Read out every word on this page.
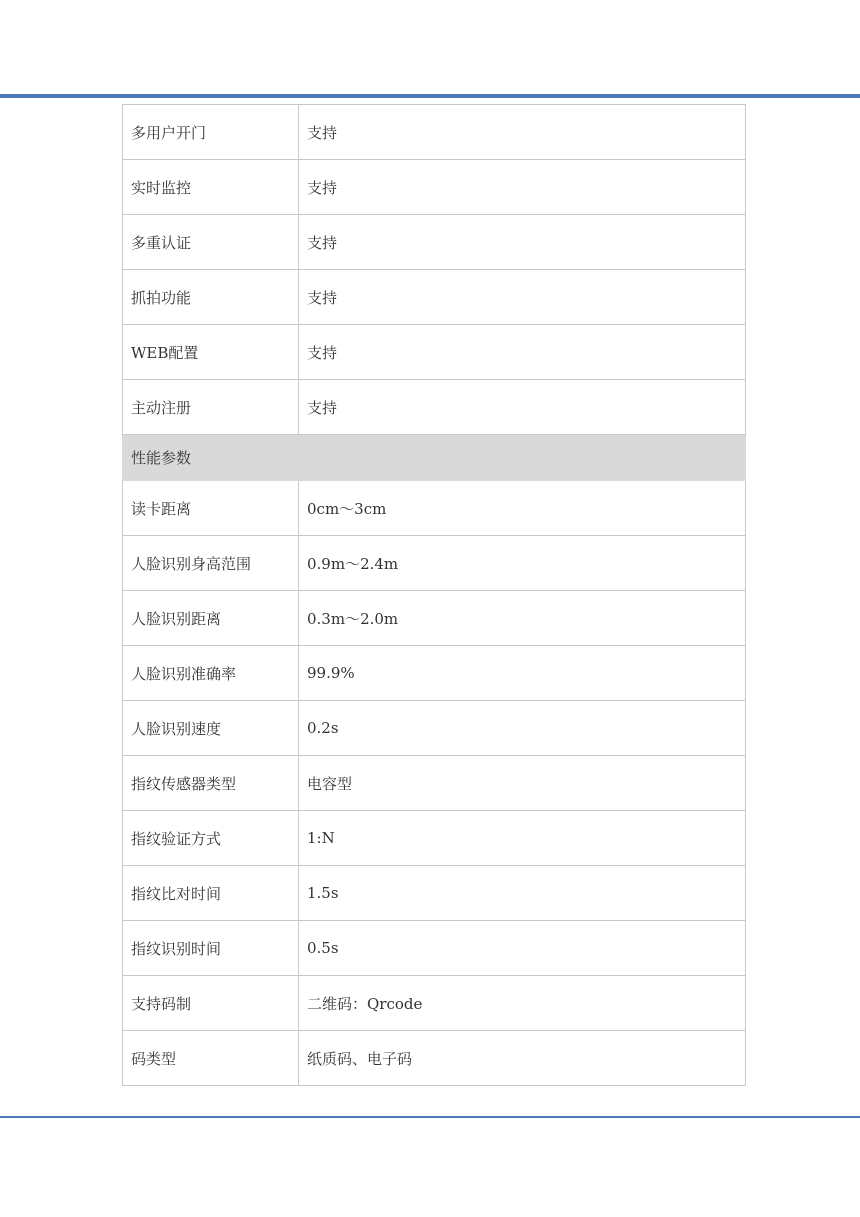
多用户开门	支持
实时监控	支持
多重认证	支持
抓拍功能	支持
WEB配置	支持
主动注册	支持
性能参数	
读卡距离	0cm～3cm
人脸识别身高范围	0.9m～2.4m
人脸识别距离	0.3m～2.0m
人脸识别准确率	99.9%
人脸识别速度	0.2s
指纹传感器类型	电容型
指纹验证方式	1:N
指纹比对时间	1.5s
指纹识别时间	0.5s
支持码制	二维码：Qrcode
码类型	纸质码、电子码
